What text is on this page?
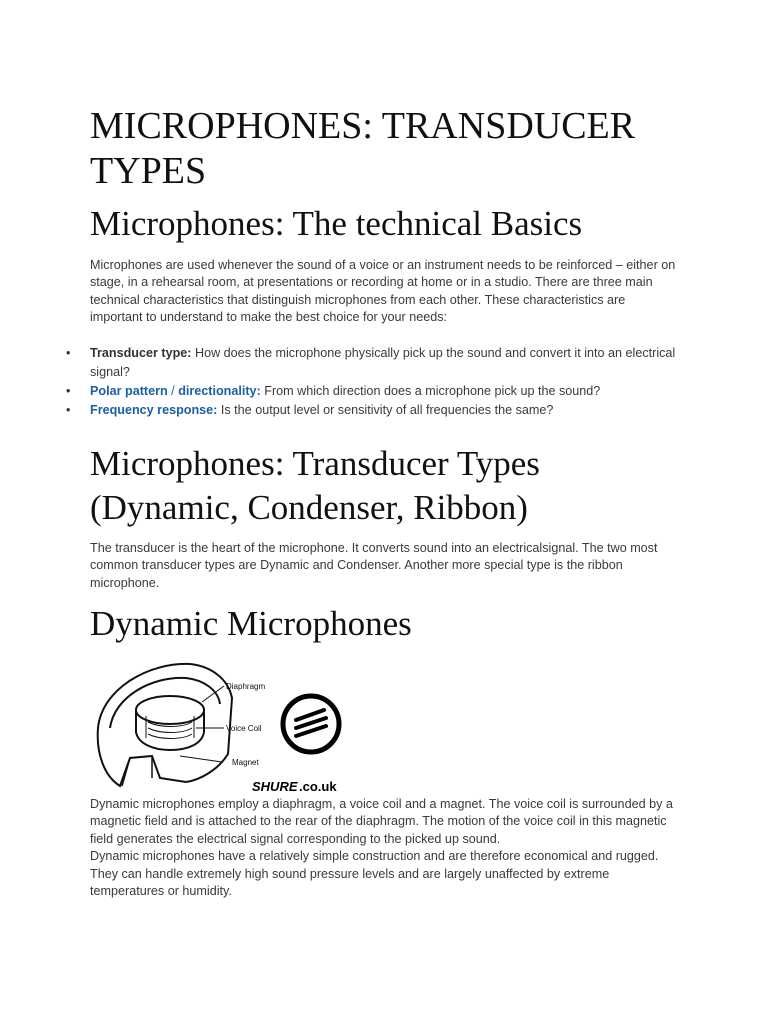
MICROPHONES: TRANSDUCER TYPES
Microphones: The technical Basics

Microphones are used whenever the sound of a voice or an instrument needs to be reinforced – either on stage, in a rehearsal room, at presentations or recording at home or in a studio. There are three main technical characteristics that distinguish microphones from each other. These characteristics are important to understand to make the best choice for your needs:

• Transducer type: How does the microphone physically pick up the sound and convert it into an electrical signal?
• Polar pattern / directionality: From which direction does a microphone pick up the sound?
• Frequency response: Is the output level or sensitivity of all frequencies the same?
Microphones: Transducer Types (Dynamic, Condenser, Ribbon)

The transducer is the heart of the microphone. It converts sound into an electricalsignal. The two most common transducer types are Dynamic and Condenser. Another more special type is the ribbon microphone.

Dynamic Microphones
Diaphragm
Voice Coil
Magnet
SHURE .co.uk

Dynamic microphones employ a diaphragm, a voice coil and a magnet. The voice coil is surrounded by a magnetic field and is attached to the rear of the diaphragm. The motion of the voice coil in this magnetic field generates the electrical signal corresponding to the picked up sound.

Dynamic microphones have a relatively simple construction and are therefore economical and rugged. They can handle extremely high sound pressure levels and are largely unaffected by extreme temperatures or humidity.
